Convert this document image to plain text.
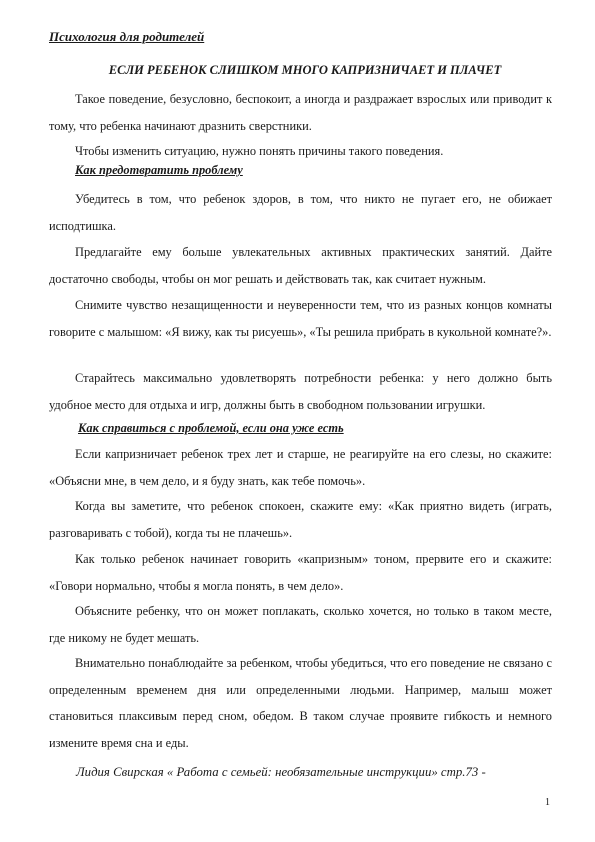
Психология для родителей
ЕСЛИ РЕБЕНОК СЛИШКОМ МНОГО КАПРИЗНИЧАЕТ И ПЛАЧЕТ

Такое поведение, безусловно, беспокоит, а иногда и раздражает взрослых или приводит к тому, что ребенка начинают дразнить сверстники.

Чтобы изменить ситуацию, нужно понять причины такого поведения.

Как предотвратить проблему

Убедитесь в том, что ребенок здоров, в том, что никто не пугает его, не обижает исподтишка.

Предлагайте ему больше увлекательных активных практических занятий. Дайте достаточно свободы, чтобы он мог решать и действовать так, как считает нужным.

Снимите чувство незащищенности и неуверенности тем, что из разных концов комнаты говорите с малышом: «Я вижу, как ты рисуешь», «Ты решила прибрать в кукольной комнате?».

Старайтесь максимально удовлетворять потребности ребенка: у него должно быть удобное место для отдыха и игр, должны быть в свободном пользовании игрушки.

Как справиться с проблемой, если она уже есть

Если капризничает ребенок трех лет и старше, не реагируйте на его слезы, но скажите: «Объясни мне, в чем дело, и я буду знать, как тебе помочь».

Когда вы заметите, что ребенок спокоен, скажите ему: «Как приятно видеть (играть, разговаривать с тобой), когда ты не плачешь».

Как только ребенок начинает говорить «капризным» тоном, прервите его и скажите: «Говори нормально, чтобы я могла понять, в чем дело».

Объясните ребенку, что он может поплакать, сколько хочется, но только в таком месте, где никому не будет мешать.

Внимательно понаблюдайте за ребенком, чтобы убедиться, что его поведение не связано с определенным временем дня или определенными людьми. Например, малыш может становиться плаксивым перед сном, обедом. В таком случае проявите гибкость и немного измените время сна и еды.

Лидия Свирская « Работа с семьей: необязательные инструкции» стр.73 -
1
